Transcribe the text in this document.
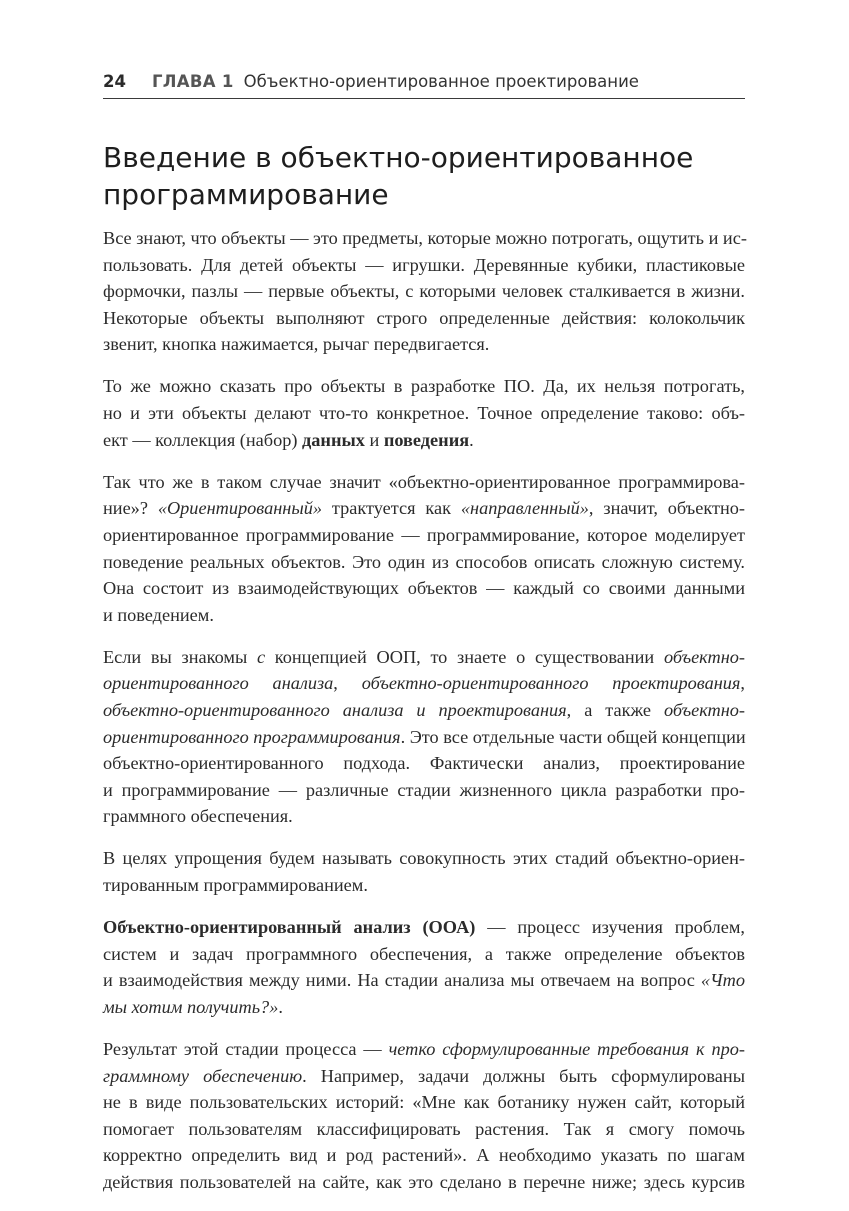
24 ГЛАВА 1 Объектно-ориентированное проектирование
Введение в объектно-ориентированное
программирование
Все знают, что объекты — это предметы, которые можно потрогать, ощутить и ис-
пользовать. Для детей объекты — игрушки. Деревянные кубики, пластиковые
формочки, пазлы — первые объекты, с которыми человек сталкивается в жизни.
Некоторые объекты выполняют строго определенные действия: колокольчик
звенит, кнопка нажимается, рычаг передвигается.
То же можно сказать про объекты в разработке ПО. Да, их нельзя потрогать,
но и эти объекты делают что-то конкретное. Точное определение таково: объ-
ект — коллекция (набор) данных и поведения.
Так что же в таком случае значит «объектно-ориентированное программирова-
ние»? «Ориентированный» трактуется как «направленный», значит, объектно-
ориентированное программирование — программирование, которое моделирует
поведение реальных объектов. Это один из способов описать сложную систему.
Она состоит из взаимодействующих объектов — каждый со своими данными
и поведением.
Если вы знакомы с концепцией ООП, то знаете о существовании объектно-
ориентированного анализа, объектно-ориентированного проектирования,
объектно-ориентированного анализа и проектирования, а также объектно-
ориентированного программирования. Это все отдельные части общей концепции
объектно-ориентированного подхода. Фактически анализ, проектирование
и программирование — различные стадии жизненного цикла разработки про-
граммного обеспечения.
В целях упрощения будем называть совокупность этих стадий объектно-ориен-
тированным программированием.
Объектно-ориентированный анализ (ООА) — процесс изучения проблем,
систем и задач программного обеспечения, а также определение объектов
и взаимодействия между ними. На стадии анализа мы отвечаем на вопрос «Что
мы хотим получить?».
Результат этой стадии процесса — четко сформулированные требования к про-
граммному обеспечению. Например, задачи должны быть сформулированы
не в виде пользовательских историй: «Мне как ботанику нужен сайт, который
помогает пользователям классифицировать растения. Так я смогу помочь
корректно определить вид и род растений». А необходимо указать по шагам
действия пользователей на сайте, как это сделано в перечне ниже; здесь курсив
